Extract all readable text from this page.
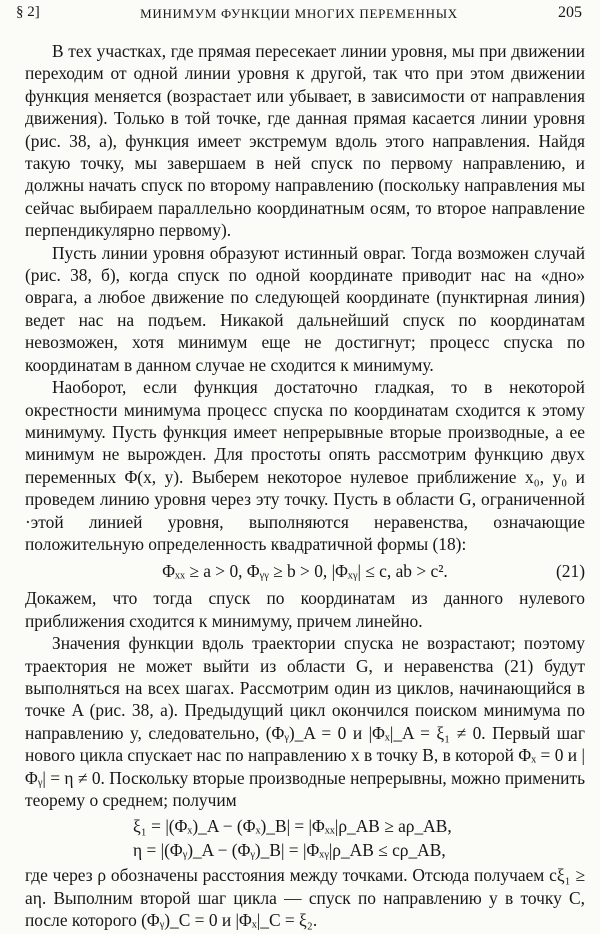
§ 2]	МИНИМУМ ФУНКЦИИ МНОГИХ ПЕРЕМЕННЫХ	205

В тех участках, где прямая пересекает линии уровня, мы при движении переходим от одной линии уровня к другой, так что при этом движении функция меняется (возрастает или убывает, в зависимости от направления движения). Только в той точке, где данная прямая касается линии уровня (рис. 38, а), функция имеет экстремум вдоль этого направления. Найдя такую точку, мы завершаем в ней спуск по первому направлению, и должны начать спуск по второму направлению (поскольку направления мы сейчас выбираем параллельно координатным осям, то второе направление перпендикулярно первому).

Пусть линии уровня образуют истинный овраг. Тогда возможен случай (рис. 38, б), когда спуск по одной координате приводит нас на «дно» оврага, а любое движение по следующей координате (пунктирная линия) ведет нас на подъем. Никакой дальнейший спуск по координатам невозможен, хотя минимум еще не достигнут; процесс спуска по координатам в данном случае не сходится к минимуму.

Наоборот, если функция достаточно гладкая, то в некоторой окрестности минимума процесс спуска по координатам сходится к этому минимуму. Пусть функция имеет непрерывные вторые производные, а ее минимум не вырожден. Для простоты опять рассмотрим функцию двух переменных Φ(x, y). Выберем некоторое нулевое приближение x₀, y₀ и проведем линию уровня через эту точку. Пусть в области G, ограниченной ·этой линией уровня, выполняются неравенства, означающие положительную определенность квадратичной формы (18):

Φₓₓ ≥ a > 0, Φᵧᵧ ≥ b > 0, |Φₓᵧ| ≤ c, ab > c².	(21)

Докажем, что тогда спуск по координатам из данного нулевого приближения сходится к минимуму, причем линейно.

Значения функции вдоль траектории спуска не возрастают; поэтому траектория не может выйти из области G, и неравенства (21) будут выполняться на всех шагах. Рассмотрим один из циклов, начинающийся в точке A (рис. 38, а). Предыдущий цикл окончился поиском минимума по направлению y, следовательно, (Φᵧ)_A = 0 и |Φₓ|_A = ξ₁ ≠ 0. Первый шаг нового цикла спускает нас по направлению x в точку B, в которой Φₓ = 0 и |Φᵧ| = η ≠ 0. Поскольку вторые производные непрерывны, можно применить теорему о среднем; получим

ξ₁ = |(Φₓ)_A − (Φₓ)_B| = |Φₓₓ|ρ_AB ≥ aρ_AB,
η = |(Φᵧ)_A − (Φᵧ)_B| = |Φₓᵧ|ρ_AB ≤ cρ_AB,

где через ρ обозначены расстояния между точками. Отсюда получаем cξ₁ ≥ aη. Выполним второй шаг цикла — спуск по направлению y в точку C, после которого (Φᵧ)_C = 0 и |Φₓ|_C = ξ₂.
